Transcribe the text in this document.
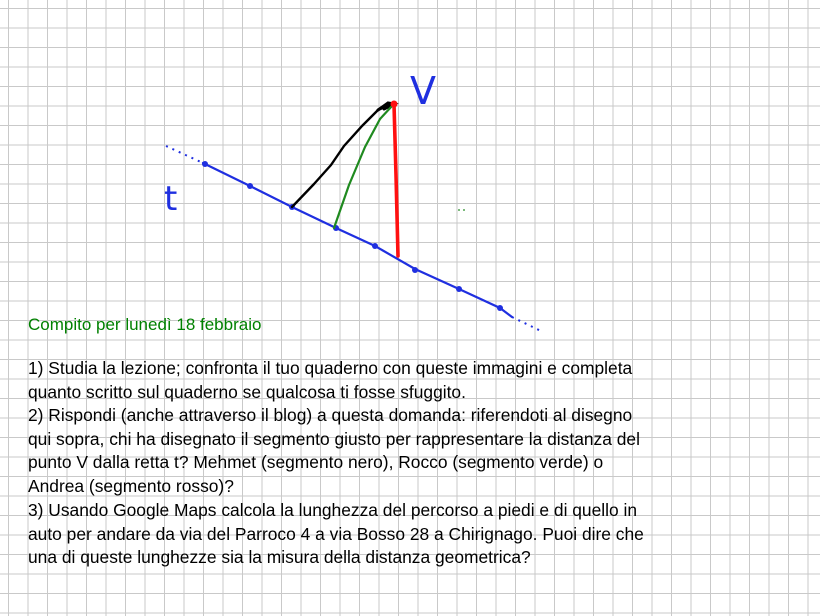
V
t
Compito per lunedì 18 febbraio
1) Studia la lezione; confronta il tuo quaderno con queste immagini e completa
quanto scritto sul quaderno se qualcosa ti fosse sfuggito.
2) Rispondi (anche attraverso il blog) a questa domanda: riferendoti al disegno
qui sopra, chi ha disegnato il segmento giusto per rappresentare la distanza del
punto V dalla retta t? Mehmet (segmento nero), Rocco (segmento verde) o
Andrea (segmento rosso)?
3) Usando Google Maps calcola la lunghezza del percorso a piedi e di quello in
auto per andare da via del Parroco 4 a via Bosso 28 a Chirignago. Puoi dire che
una di queste lunghezze sia la misura della distanza geometrica?
